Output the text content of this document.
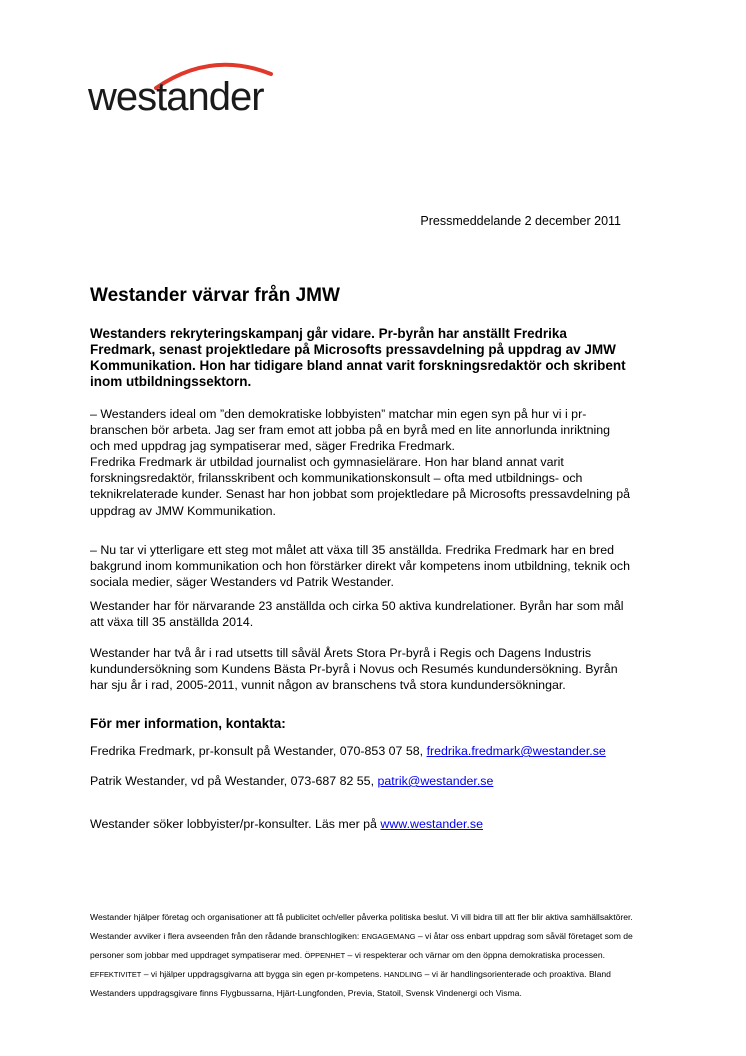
westander
Pressmeddelande 2 december 2011
Westander värvar från JMW

Westanders rekryteringskampanj går vidare. Pr-byrån har anställt Fredrika Fredmark, senast projektledare på Microsofts pressavdelning på uppdrag av JMW Kommunikation. Hon har tidigare bland annat varit forskningsredaktör och skribent inom utbildningssektorn.

– Westanders ideal om ”den demokratiske lobbyisten” matchar min egen syn på hur vi i pr-branschen bör arbeta. Jag ser fram emot att jobba på en byrå med en lite annorlunda inriktning och med uppdrag jag sympatiserar med, säger Fredrika Fredmark.

Fredrika Fredmark är utbildad journalist och gymnasielärare. Hon har bland annat varit forskningsredaktör, frilansskribent och kommunikationskonsult – ofta med utbildnings- och teknikrelaterade kunder. Senast har hon jobbat som projektledare på Microsofts pressavdelning på uppdrag av JMW Kommunikation.

– Nu tar vi ytterligare ett steg mot målet att växa till 35 anställda. Fredrika Fredmark har en bred bakgrund inom kommunikation och hon förstärker direkt vår kompetens inom utbildning, teknik och sociala medier, säger Westanders vd Patrik Westander.

Westander har för närvarande 23 anställda och cirka 50 aktiva kundrelationer. Byrån har som mål att växa till 35 anställda 2014.

Westander har två år i rad utsetts till såväl Årets Stora Pr-byrå i Regis och Dagens Industris kundundersökning som Kundens Bästa Pr-byrå i Novus och Resumés kundundersökning. Byrån har sju år i rad, 2005-2011, vunnit någon av branschens två stora kundundersökningar.

För mer information, kontakta:

Fredrika Fredmark, pr-konsult på Westander, 070-853 07 58, fredrika.fredmark@westander.se

Patrik Westander, vd på Westander, 073-687 82 55, patrik@westander.se

Westander söker lobbyister/pr-konsulter. Läs mer på www.westander.se

Westander hjälper företag och organisationer att få publicitet och/eller påverka politiska beslut. Vi vill bidra till att fler blir aktiva samhällsaktörer. Westander avviker i flera avseenden från den rådande branschlogiken: ENGAGEMANG – vi åtar oss enbart uppdrag som såväl företaget som de personer som jobbar med uppdraget sympatiserar med. ÖPPENHET – vi respekterar och värnar om den öppna demokratiska processen. EFFEKTIVITET – vi hjälper uppdragsgivarna att bygga sin egen pr-kompetens. HANDLING – vi är handlingsorienterade och proaktiva. Bland Westanders uppdragsgivare finns Flygbussarna, Hjärt-Lungfonden, Previa, Statoil, Svensk Vindenergi och Visma.
